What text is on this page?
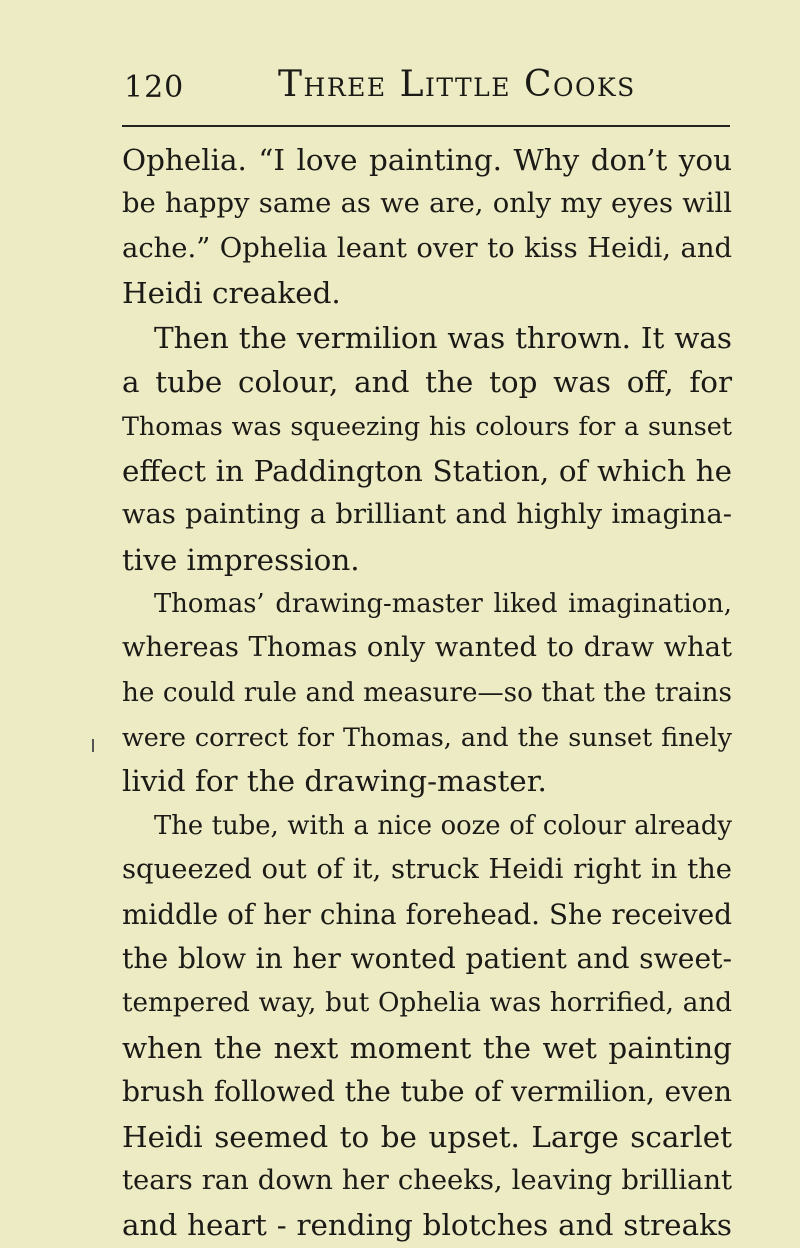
120	Three Little Cooks
Ophelia. “I love painting. Why don’t you
be happy same as we are, only my eyes will
ache.” Ophelia leant over to kiss Heidi, and
Heidi creaked.
Then the vermilion was thrown. It was
a tube colour, and the top was off, for
Thomas was squeezing his colours for a sunset
effect in Paddington Station, of which he
was painting a brilliant and highly imagina-
tive impression.
Thomas’ drawing-master liked imagination,
whereas Thomas only wanted to draw what
he could rule and measure—so that the trains
were correct for Thomas, and the sunset finely
livid for the drawing-master.
The tube, with a nice ooze of colour already
squeezed out of it, struck Heidi right in the
middle of her china forehead. She received
the blow in her wonted patient and sweet-
tempered way, but Ophelia was horrified, and
when the next moment the wet painting
brush followed the tube of vermilion, even
Heidi seemed to be upset. Large scarlet
tears ran down her cheeks, leaving brilliant
and heart - rending blotches and streaks
